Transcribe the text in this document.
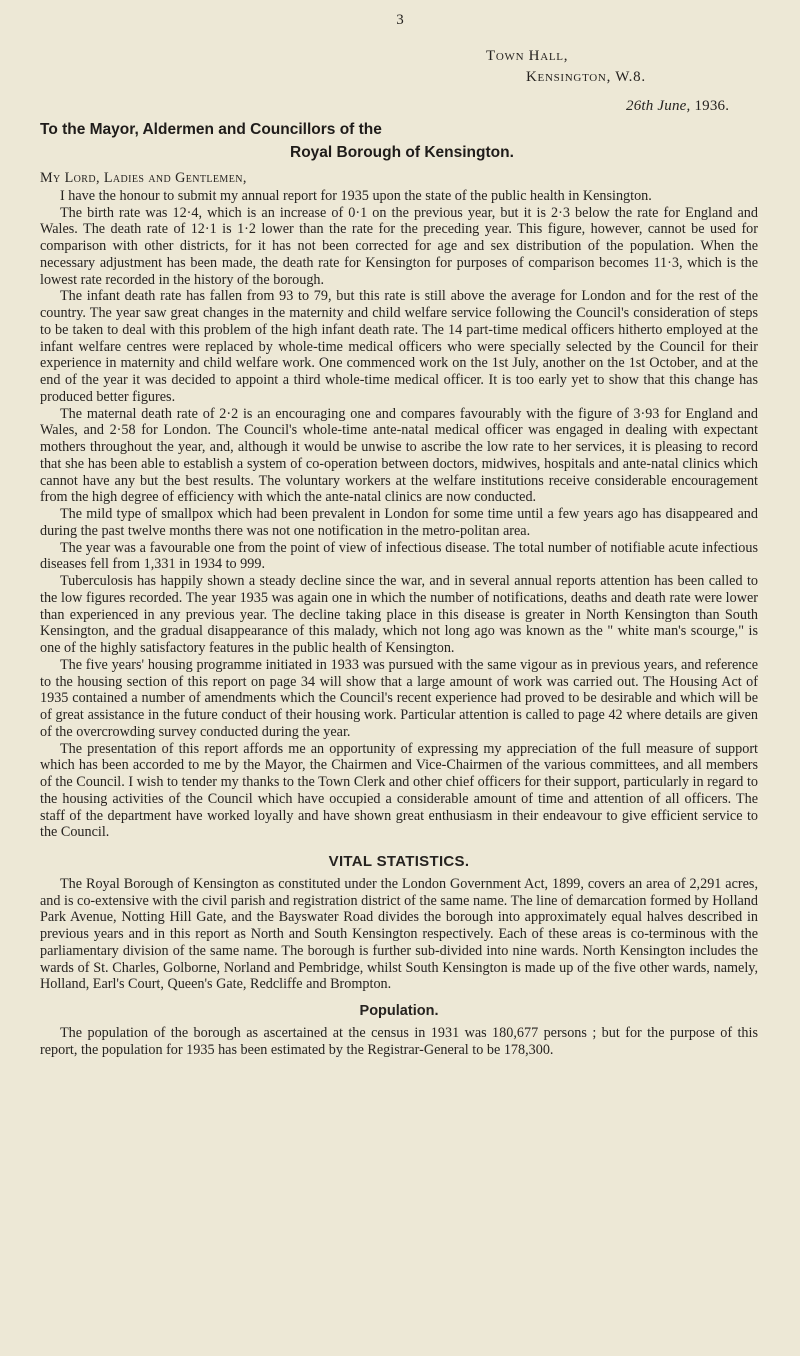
3
Town Hall,
Kensington, W.8.
26th June, 1936.
To the Mayor, Aldermen and Councillors of the
Royal Borough of Kensington.

My Lord, Ladies and Gentlemen,

I have the honour to submit my annual report for 1935 upon the state of the public health in Kensington.

The birth rate was 12·4, which is an increase of 0·1 on the previous year, but it is 2·3 below the rate for England and Wales. The death rate of 12·1 is 1·2 lower than the rate for the preceding year. This figure, however, cannot be used for comparison with other districts, for it has not been corrected for age and sex distribution of the population. When the necessary adjustment has been made, the death rate for Kensington for purposes of comparison becomes 11·3, which is the lowest rate recorded in the history of the borough.

The infant death rate has fallen from 93 to 79, but this rate is still above the average for London and for the rest of the country. The year saw great changes in the maternity and child welfare service following the Council's consideration of steps to be taken to deal with this problem of the high infant death rate. The 14 part-time medical officers hitherto employed at the infant welfare centres were replaced by whole-time medical officers who were specially selected by the Council for their experience in maternity and child welfare work. One commenced work on the 1st July, another on the 1st October, and at the end of the year it was decided to appoint a third whole-time medical officer. It is too early yet to show that this change has produced better figures.

The maternal death rate of 2·2 is an encouraging one and compares favourably with the figure of 3·93 for England and Wales, and 2·58 for London. The Council's whole-time ante-natal medical officer was engaged in dealing with expectant mothers throughout the year, and, although it would be unwise to ascribe the low rate to her services, it is pleasing to record that she has been able to establish a system of co-operation between doctors, midwives, hospitals and ante-natal clinics which cannot have any but the best results. The voluntary workers at the welfare institutions receive considerable encouragement from the high degree of efficiency with which the ante-natal clinics are now conducted.

The mild type of smallpox which had been prevalent in London for some time until a few years ago has disappeared and during the past twelve months there was not one notification in the metro-politan area.

The year was a favourable one from the point of view of infectious disease. The total number of notifiable acute infectious diseases fell from 1,331 in 1934 to 999.

Tuberculosis has happily shown a steady decline since the war, and in several annual reports attention has been called to the low figures recorded. The year 1935 was again one in which the number of notifications, deaths and death rate were lower than experienced in any previous year. The decline taking place in this disease is greater in North Kensington than South Kensington, and the gradual disappearance of this malady, which not long ago was known as the " white man's scourge," is one of the highly satisfactory features in the public health of Kensington.

The five years' housing programme initiated in 1933 was pursued with the same vigour as in previous years, and reference to the housing section of this report on page 34 will show that a large amount of work was carried out. The Housing Act of 1935 contained a number of amendments which the Council's recent experience had proved to be desirable and which will be of great assistance in the future conduct of their housing work. Particular attention is called to page 42 where details are given of the overcrowding survey conducted during the year.

The presentation of this report affords me an opportunity of expressing my appreciation of the full measure of support which has been accorded to me by the Mayor, the Chairmen and Vice-Chairmen of the various committees, and all members of the Council. I wish to tender my thanks to the Town Clerk and other chief officers for their support, particularly in regard to the housing activities of the Council which have occupied a considerable amount of time and attention of all officers. The staff of the department have worked loyally and have shown great enthusiasm in their endeavour to give efficient service to the Council.

VITAL STATISTICS.

The Royal Borough of Kensington as constituted under the London Government Act, 1899, covers an area of 2,291 acres, and is co-extensive with the civil parish and registration district of the same name. The line of demarcation formed by Holland Park Avenue, Notting Hill Gate, and the Bayswater Road divides the borough into approximately equal halves described in previous years and in this report as North and South Kensington respectively. Each of these areas is co-terminous with the parliamentary division of the same name. The borough is further sub-divided into nine wards. North Kensington includes the wards of St. Charles, Golborne, Norland and Pembridge, whilst South Kensington is made up of the five other wards, namely, Holland, Earl's Court, Queen's Gate, Redcliffe and Brompton.

Population.

The population of the borough as ascertained at the census in 1931 was 180,677 persons ; but for the purpose of this report, the population for 1935 has been estimated by the Registrar-General to be 178,300.
